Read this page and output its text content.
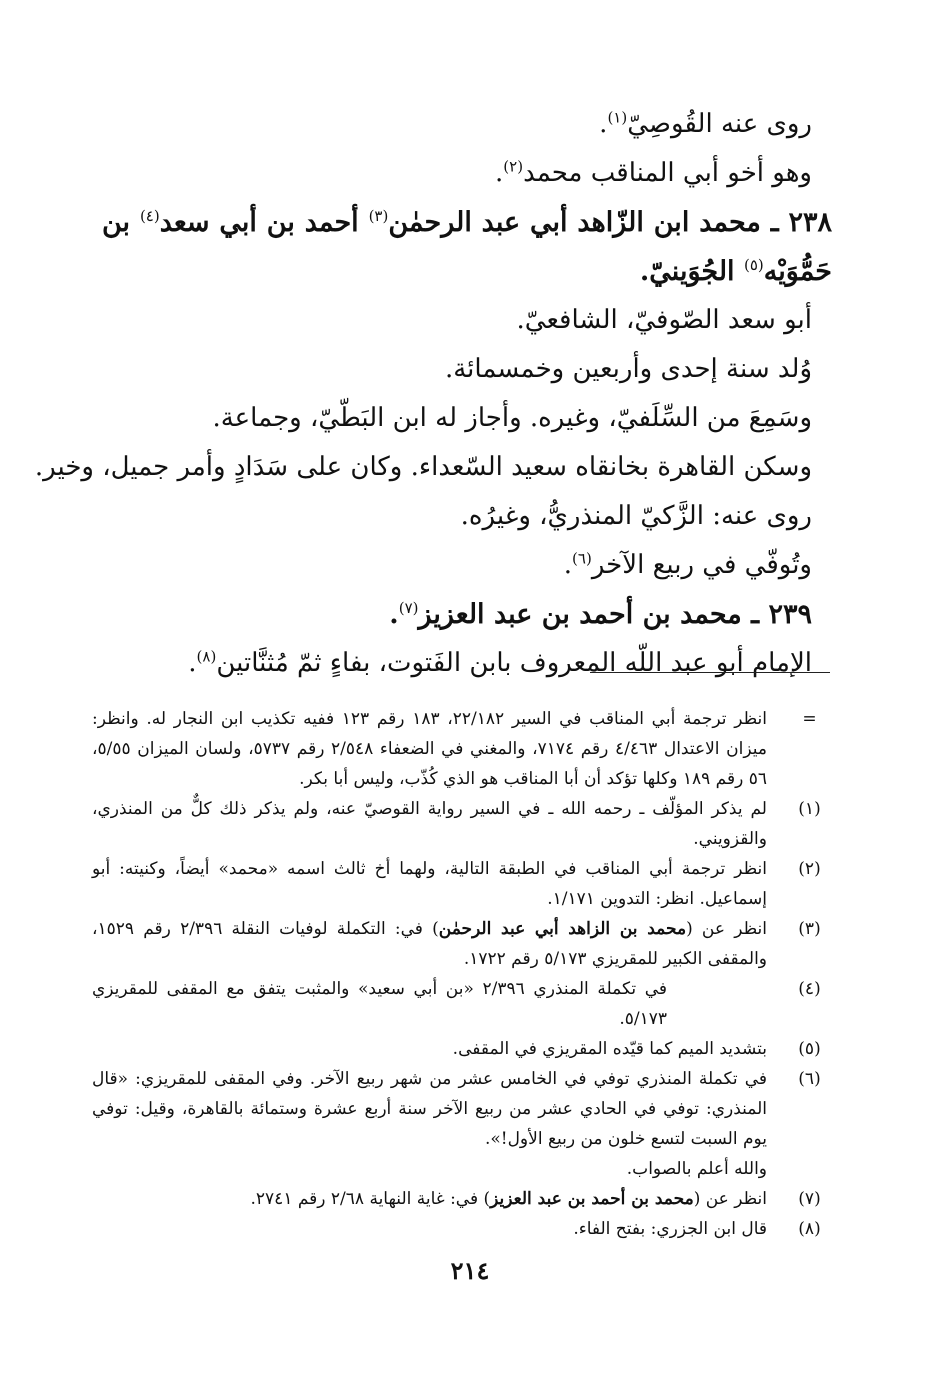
روى عنه القُوصِيّ$^{(١)}$.
وهو أخو أبي المناقب محمد$^{(٢)}$.
٢٣٨ ـ محمد ابن الزّاهد أبي عبد الرحمٰن$^{(٣)}$ أحمد بن أبي سعد$^{(٤)}$ بن حَمُّوَيْه$^{(٥)}$ الجُوَينيّ.
أبو سعد الصّوفيّ، الشافعيّ.
وُلد سنة إحدى وأربعين وخمسمائة.
وسَمِعَ من السِّلَفيّ، وغيره. وأجاز له ابن البَطّيّ، وجماعة.
وسكن القاهرة بخانقاه سعيد السّعداء. وكان على سَدَادٍ وأمر جميل، وخير.
روى عنه: الزَّكيّ المنذريُّ، وغيرُه.
وتُوفّي في ربيع الآخر$^{(٦)}$.
٢٣٩ ـ محمد بن أحمد بن عبد العزيز$^{(٧)}$.
الإمام أبو عبد اللّه المعروف بابن الفَتوت، بفاءٍ ثمّ مُثنَّاتين$^{(٨)}$.
=
انظر ترجمة أبي المناقب في السير ٢٢/١٨٢، ١٨٣ رقم ١٢٣ ففيه تكذيب ابن النجار له. وانظر: ميزان الاعتدال ٤/٤٦٣ رقم ٧١٧٤، والمغني في الضعفاء ٢/٥٤٨ رقم ٥٧٣٧، ولسان الميزان ٥/٥٥، ٥٦ رقم ١٨٩ وكلها تؤكد أن أبا المناقب هو الذي كُذّب، وليس أبا بكر.
(١)
لم يذكر المؤلّف ـ رحمه الله ـ في السير رواية القوصيّ عنه، ولم يذكر ذلك كلٌّ من المنذري، والقزويني.
(٢)
انظر ترجمة أبي المناقب في الطبقة التالية، ولهما أخ ثالث اسمه «محمد» أيضاً، وكنيته: أبو إسماعيل. انظر: التدوين ١/١٧١.
(٣)
انظر عن (محمد بن الزاهد أبي عبد الرحمٰن) في: التكملة لوفيات النقلة ٢/٣٩٦ رقم ١٥٢٩، والمقفى الكبير للمقريزي ٥/١٧٣ رقم ١٧٢٢.
(٤)
في تكملة المنذري ٢/٣٩٦ «بن أبي سعيد» والمثبت يتفق مع المقفى للمقريزي ٥/١٧٣.
(٥)
بتشديد الميم كما قيّده المقريزي في المقفى.
(٦)
في تكملة المنذري توفي في الخامس عشر من شهر ربيع الآخر. وفي المقفى للمقريزي: «قال المنذري: توفي في الحادي عشر من ربيع الآخر سنة أربع عشرة وستمائة بالقاهرة، وقيل: توفي يوم السبت لتسع خلون من ربيع الأول!».
والله أعلم بالصواب.
(٧)
انظر عن (محمد بن أحمد بن عبد العزيز) في: غاية النهاية ٢/٦٨ رقم ٢٧٤١.
(٨)
قال ابن الجزري: بفتح الفاء.
٢١٤
